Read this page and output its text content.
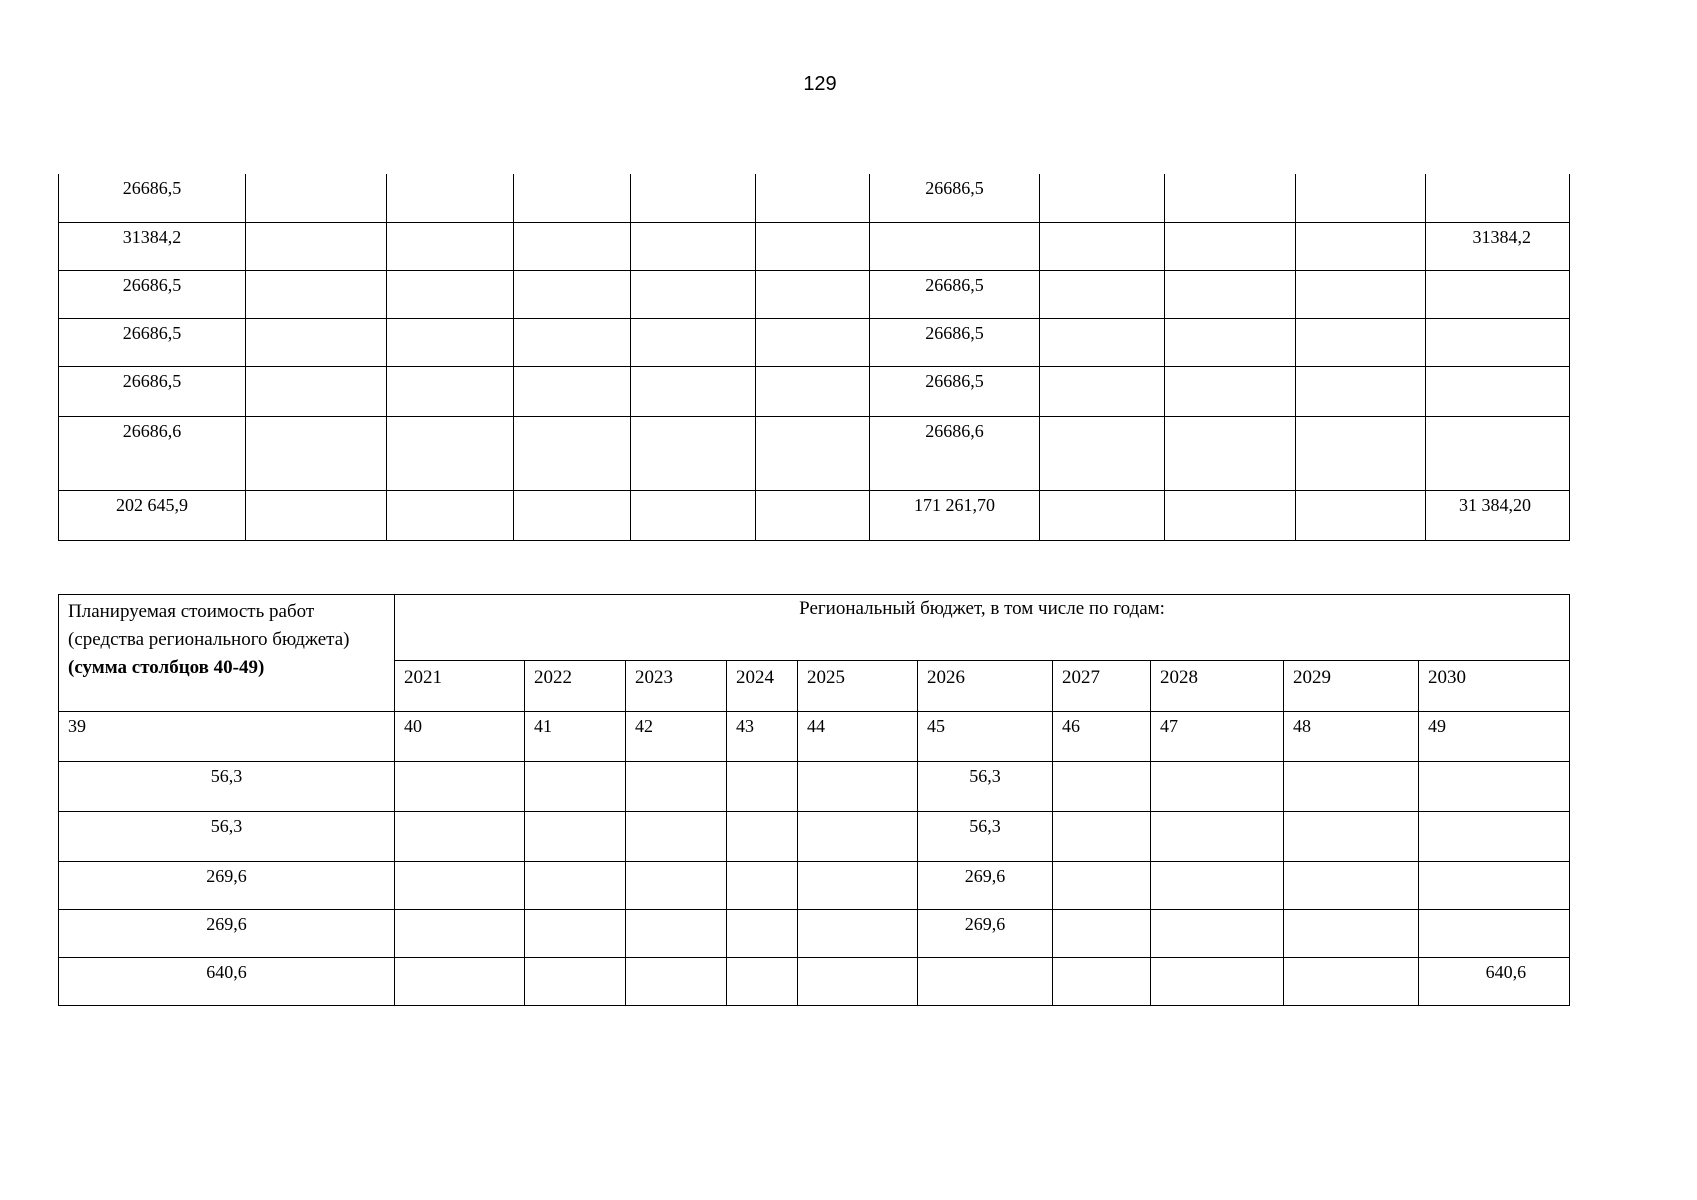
129
26686,5						26686,5				
31384,2										31384,2
26686,5						26686,5				
26686,5						26686,5				
26686,5						26686,5				
26686,6						26686,6				
202 645,9						171 261,70				31 384,20
Планируемая стоимость работ (средства регионального бюджета) (сумма столбцов 40-49)	Региональный бюджет, в том числе по годам:									
	2021	2022	2023	2024	2025	2026	2027	2028	2029	2030
39	40	41	42	43	44	45	46	47	48	49
56,3						56,3				
56,3						56,3				
269,6						269,6				
269,6						269,6				
640,6										640,6
